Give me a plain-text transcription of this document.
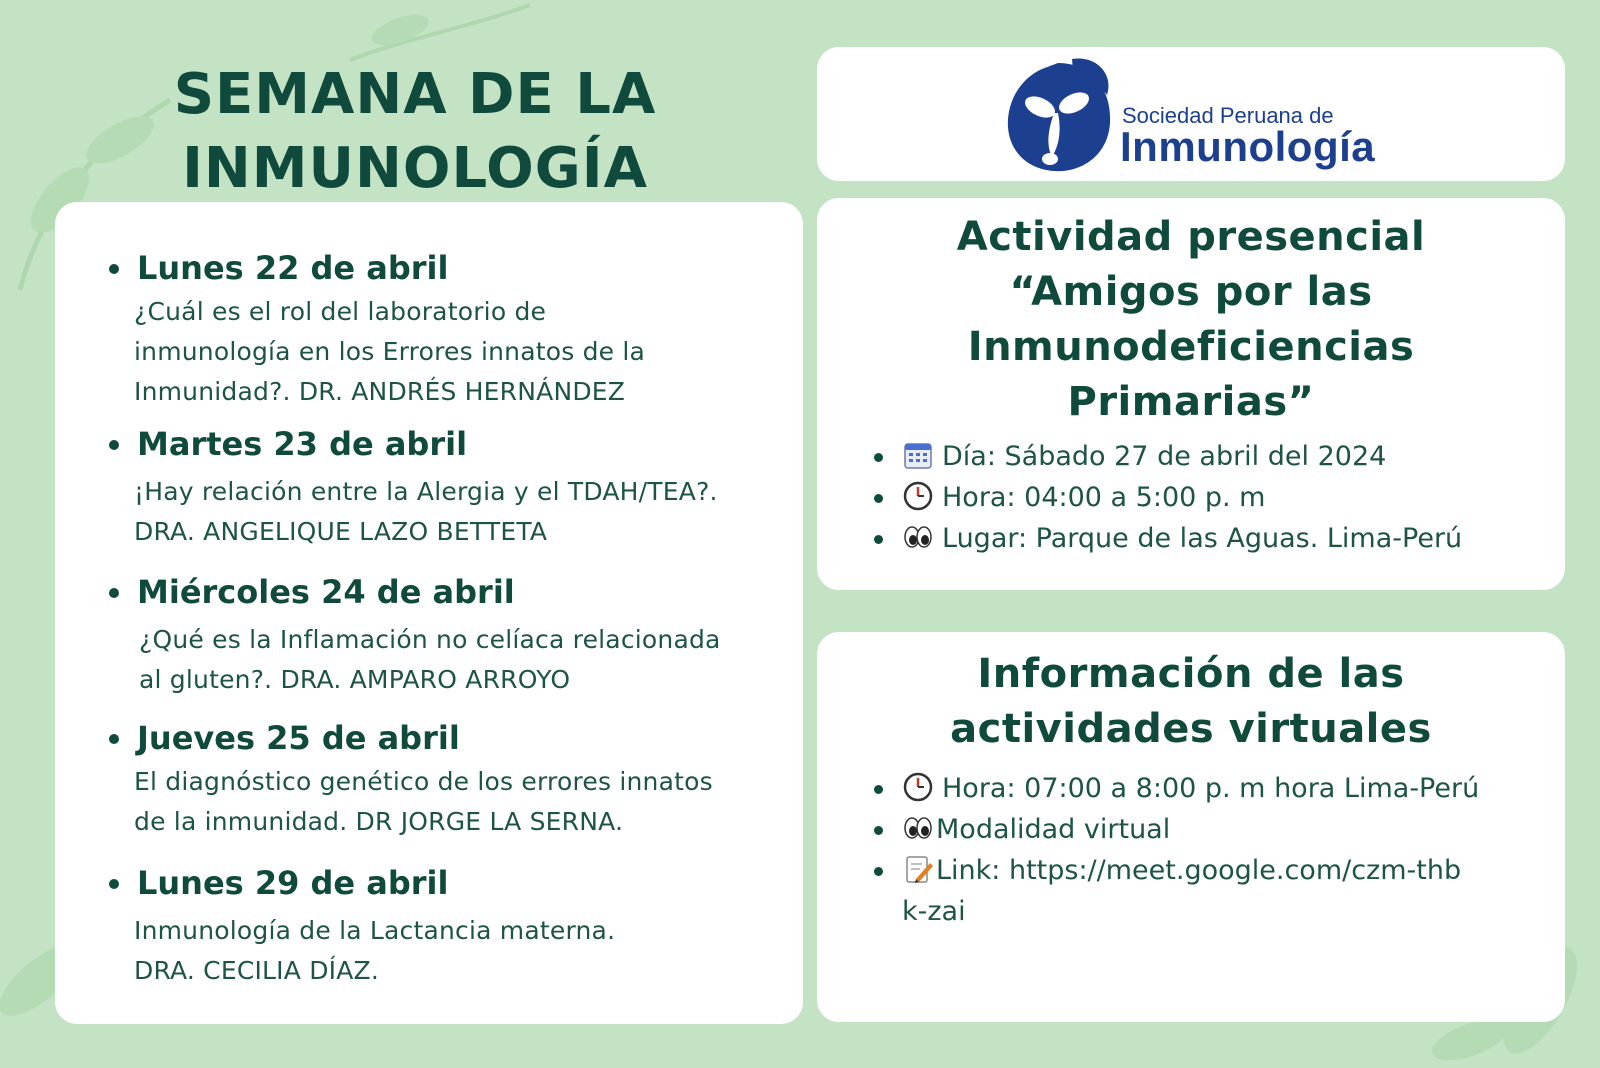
SEMANA DE LA
INMUNOLOGÍA
Lunes 22 de abril
¿Cuál es el rol del laboratorio de
inmunología en los Errores innatos de la
Inmunidad?. DR. ANDRÉS HERNÁNDEZ
Martes 23 de abril
¡Hay relación entre la Alergia y el TDAH/TEA?.
DRA. ANGELIQUE LAZO BETTETA
Miércoles 24 de abril
¿Qué es la Inflamación no celíaca relacionada
al gluten?. DRA. AMPARO ARROYO
Jueves 25 de abril
El diagnóstico genético de los errores innatos
de la inmunidad. DR JORGE LA SERNA.
Lunes 29 de abril
Inmunología de la Lactancia materna.
DRA. CECILIA DÍAZ.
Sociedad Peruana de
Inmunología
Actividad presencial
“Amigos por las
Inmunodeficiencias
Primarias”
Día: Sábado 27 de abril del 2024
Hora: 04:00 a 5:00 p. m
Lugar: Parque de las Aguas. Lima-Perú
Información de las
actividades virtuales
Hora: 07:00 a 8:00 p. m hora Lima-Perú
Modalidad virtual
Link: https://meet.google.com/czm-thbk-zai
